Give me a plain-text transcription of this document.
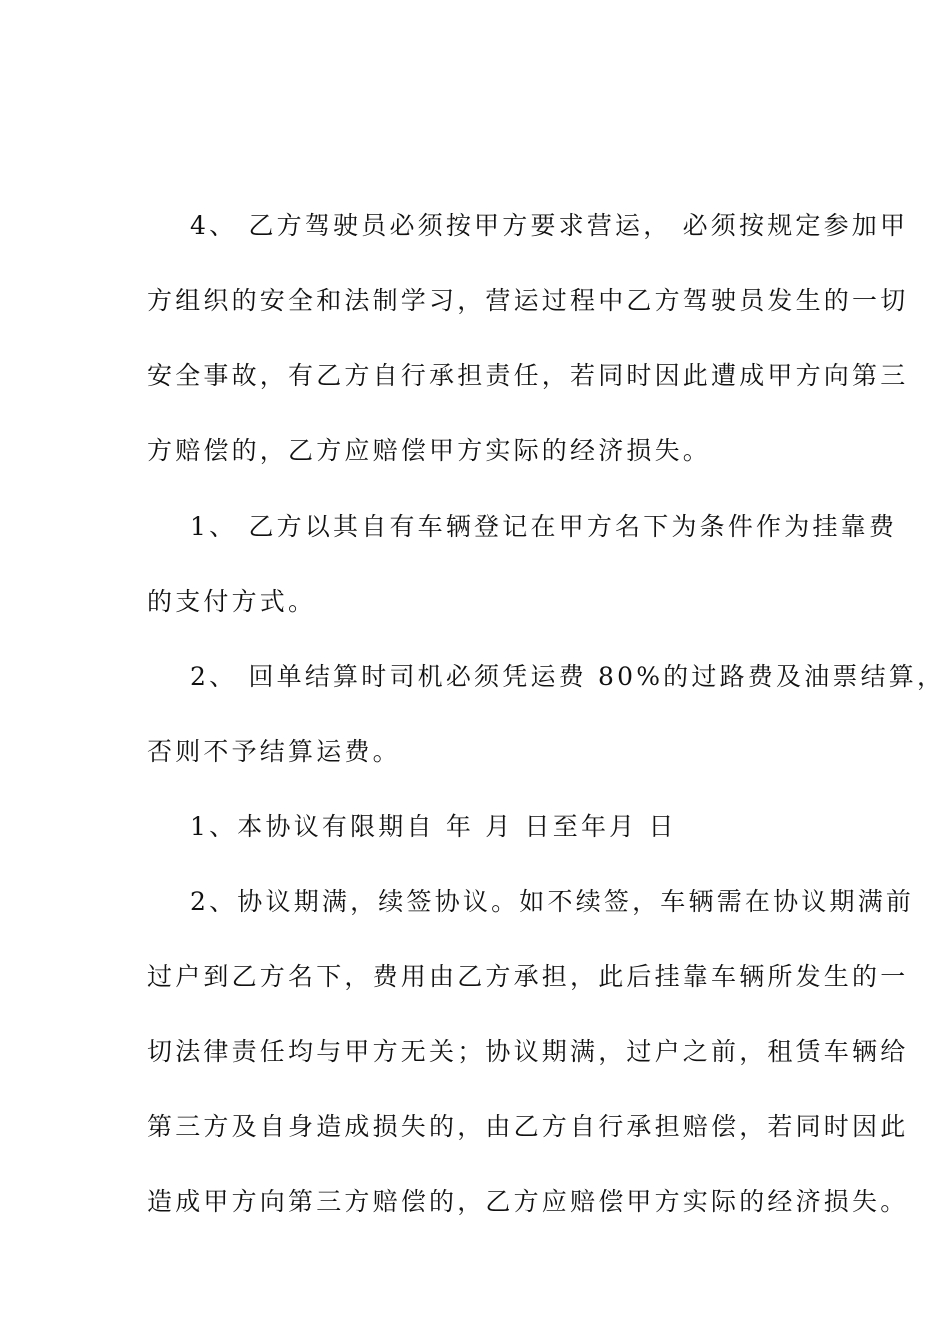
4、 乙方驾驶员必须按甲方要求营运， 必须按规定参加甲
方组织的安全和法制学习，营运过程中乙方驾驶员发生的一切
安全事故，有乙方自行承担责任，若同时因此遭成甲方向第三
方赔偿的，乙方应赔偿甲方实际的经济损失。
1、 乙方以其自有车辆登记在甲方名下为条件作为挂靠费
的支付方式。
2、 回单结算时司机必须凭运费 80%的过路费及油票结算，
否则不予结算运费。
1、本协议有限期自 年 月 日至年月 日
2、协议期满，续签协议。如不续签，车辆需在协议期满前
过户到乙方名下，费用由乙方承担，此后挂靠车辆所发生的一
切法律责任均与甲方无关；协议期满，过户之前，租赁车辆给
第三方及自身造成损失的，由乙方自行承担赔偿，若同时因此
造成甲方向第三方赔偿的，乙方应赔偿甲方实际的经济损失。
